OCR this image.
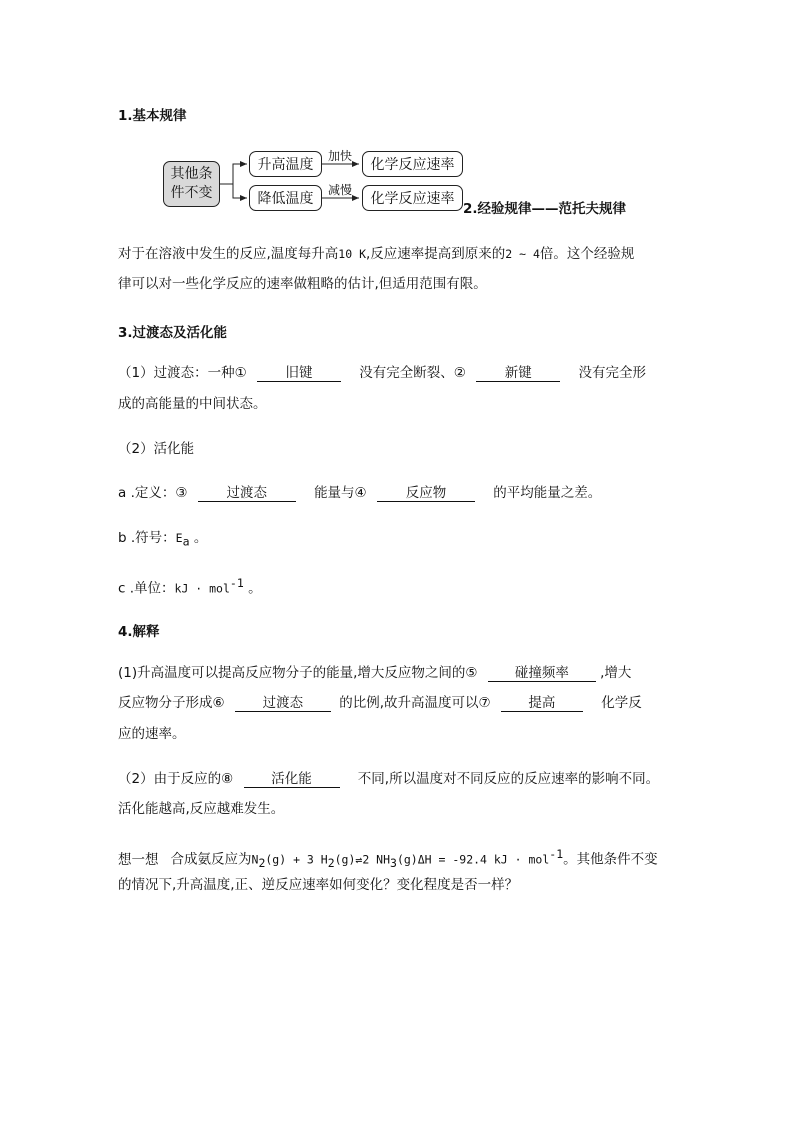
1.基本规律
其他条
件不变
升高温度
加快
化学反应速率
降低温度
减慢
化学反应速率
2.经验规律——范托夫规律
对于在溶液中发生的反应,温度每升高10 K,反应速率提高到原来的2 ~ 4倍。这个经验规
律可以对一些化学反应的速率做粗略的估计,但适用范围有限。
3.过渡态及活化能
（1）过渡态：一种①	旧键	没有完全断裂、②	新键	没有完全形
成的高能量的中间状态。
（2）活化能
a .定义：③	过渡态	能量与④	反应物	的平均能量之差。
b .符号：$E_a$ 。
c .单位：kJ · mol$^{-1}$ 。
4.解释
(1)升高温度可以提高反应物分子的能量,增大反应物之间的⑤	碰撞频率 ,增大
反应物分子形成⑥	过渡态	的比例,故升高温度可以⑦	提高	化学反
应的速率。
（2）由于反应的⑧	活化能	不同,所以温度对不同反应的反应速率的影响不同。
活化能越高,反应越难发生。
想一想 合成氨反应为$N_2(g) + 3$ $H_2(g)\rightleftharpoons 2$ $NH_3(g)\Delta H = -92.4$ kJ · mol$^{-1}$。其他条件不变
的情况下,升高温度,正、逆反应速率如何变化？变化程度是否一样？
